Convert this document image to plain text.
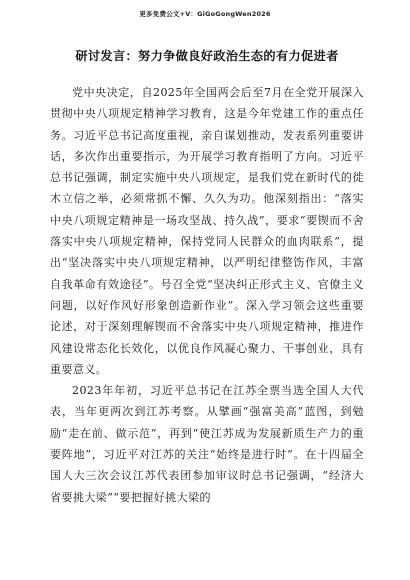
更多免费公文+V：GiGoGongWen2026
研讨发言：努力争做良好政治生态的有力促进者

党中央决定，自2025年全国两会后至7月在全党开展深入贯彻中央八项规定精神学习教育，这是今年党建工作的重点任务。习近平总书记高度重视，亲自谋划推动，发表系列重要讲话，多次作出重要指示，为开展学习教育指明了方向。习近平总书记强调，制定实施中央八项规定，是我们党在新时代的徙木立信之举，必须常抓不懈、久久为功。他深刻指出：“落实中央八项规定精神是一场攻坚战、持久战”，要求“要锲而不舍落实中央八项规定精神，保持党同人民群众的血肉联系”，提出“坚决落实中央八项规定精神，以严明纪律整饬作风，丰富自我革命有效途径”。号召全党“坚决纠正形式主义、官僚主义问题，以好作风好形象创造新作业”。深入学习领会这些重要论述，对于深刻理解锲而不舍落实中央八项规定精神，推进作风建设常态化长效化，以优良作风凝心聚力、干事创业，具有重要意义。

2023年年初，习近平总书记在江苏全票当选全国人大代表，当年更两次到江苏考察。从擘画“强富美高”蓝图，到勉励“走在前、做示范”，再到“使江苏成为发展新质生产力的重要阵地”，习近平对江苏的关注“始终是进行时”。在十四届全国人大三次会议江苏代表团参加审议时总书记强调，“经济大省要挑大梁”“要把握好挑大梁的
